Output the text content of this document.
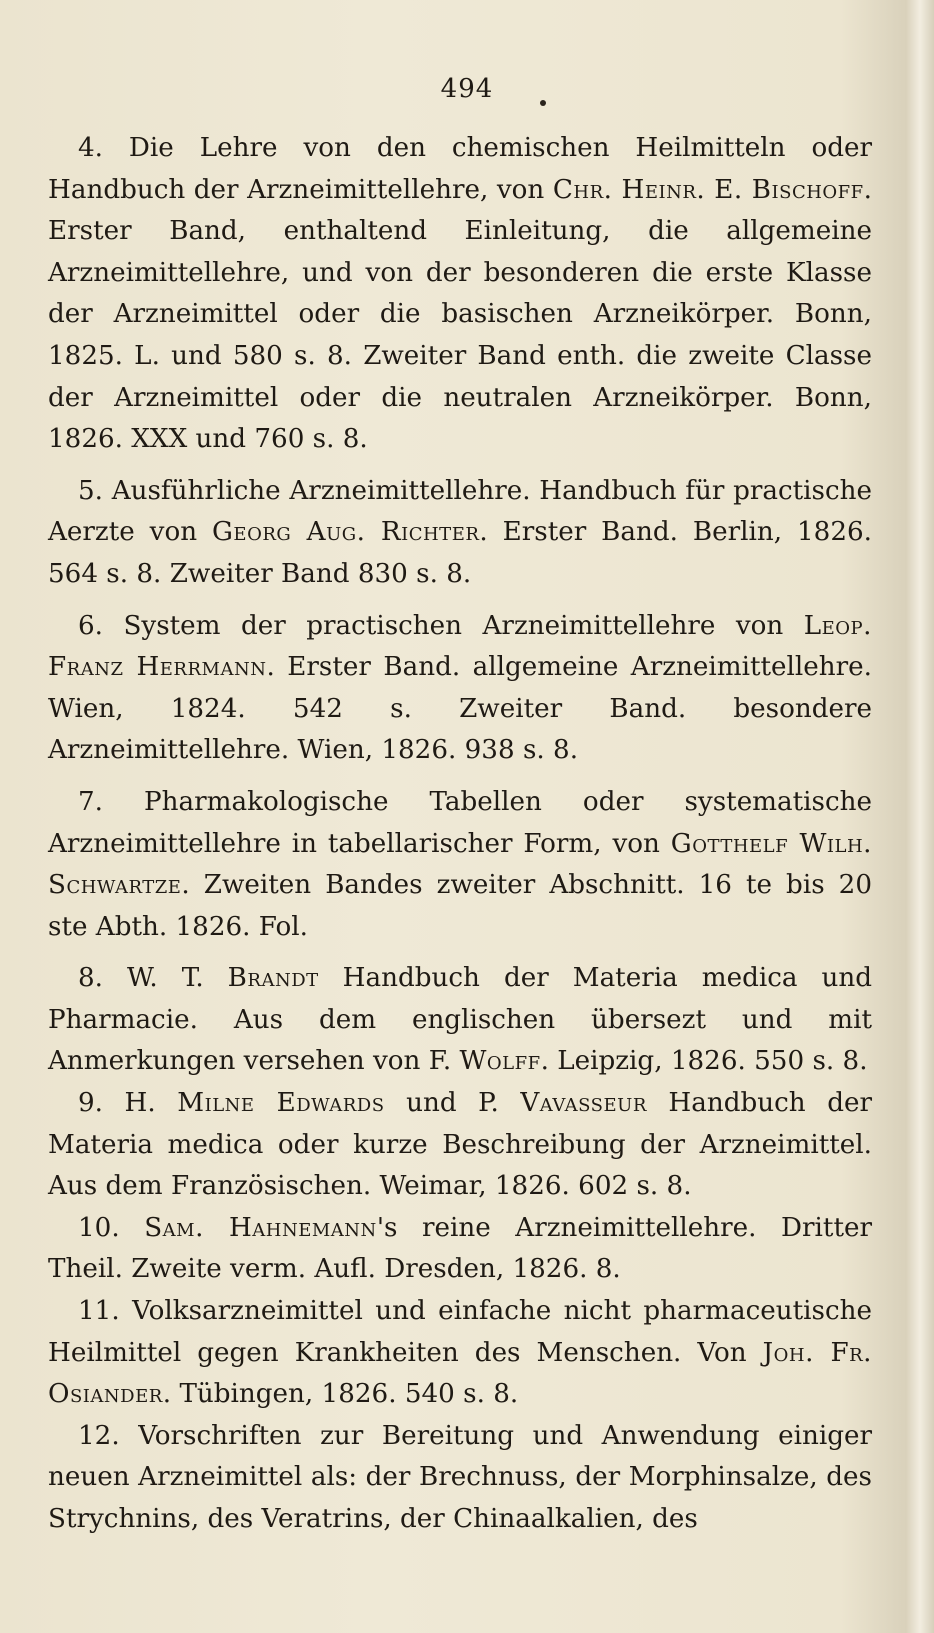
494

4. Die Lehre von den chemischen Heilmitteln oder Handbuch der Arzneimittellehre, von Chr. Heinr. E. Bischoff. Erster Band, enthaltend Einleitung, die allgemeine Arzneimittellehre, und von der besonderen die erste Klasse der Arzneimittel oder die basischen Arzneikörper. Bonn, 1825. L. und 580 s. 8. Zweiter Band enth. die zweite Classe der Arzneimittel oder die neutralen Arzneikörper. Bonn, 1826. XXX und 760 s. 8.

5. Ausführliche Arzneimittellehre. Handbuch für practische Aerzte von Georg Aug. Richter. Erster Band. Berlin, 1826. 564 s. 8. Zweiter Band 830 s. 8.

6. System der practischen Arzneimittellehre von Leop. Franz Herrmann. Erster Band. allgemeine Arzneimittellehre. Wien, 1824. 542 s. Zweiter Band. besondere Arzneimittellehre. Wien, 1826. 938 s. 8.

7. Pharmakologische Tabellen oder systematische Arzneimittellehre in tabellarischer Form, von Gotthelf Wilh. Schwartze. Zweiten Bandes zweiter Abschnitt. 16 te bis 20 ste Abth. 1826. Fol.

8. W. T. Brandt Handbuch der Materia medica und Pharmacie. Aus dem englischen übersezt und mit Anmerkungen versehen von F. Wolff. Leipzig, 1826. 550 s. 8.

9. H. Milne Edwards und P. Vavasseur Handbuch der Materia medica oder kurze Beschreibung der Arzneimittel. Aus dem Französischen. Weimar, 1826. 602 s. 8.

10. Sam. Hahnemann's reine Arzneimittellehre. Dritter Theil. Zweite verm. Aufl. Dresden, 1826. 8.

11. Volksarzneimittel und einfache nicht pharmaceutische Heilmittel gegen Krankheiten des Menschen. Von Joh. Fr. Osiander. Tübingen, 1826. 540 s. 8.

12. Vorschriften zur Bereitung und Anwendung einiger neuen Arzneimittel als: der Brechnuss, der Morphinsalze, des Strychnins, des Veratrins, der Chinaalkalien, des
